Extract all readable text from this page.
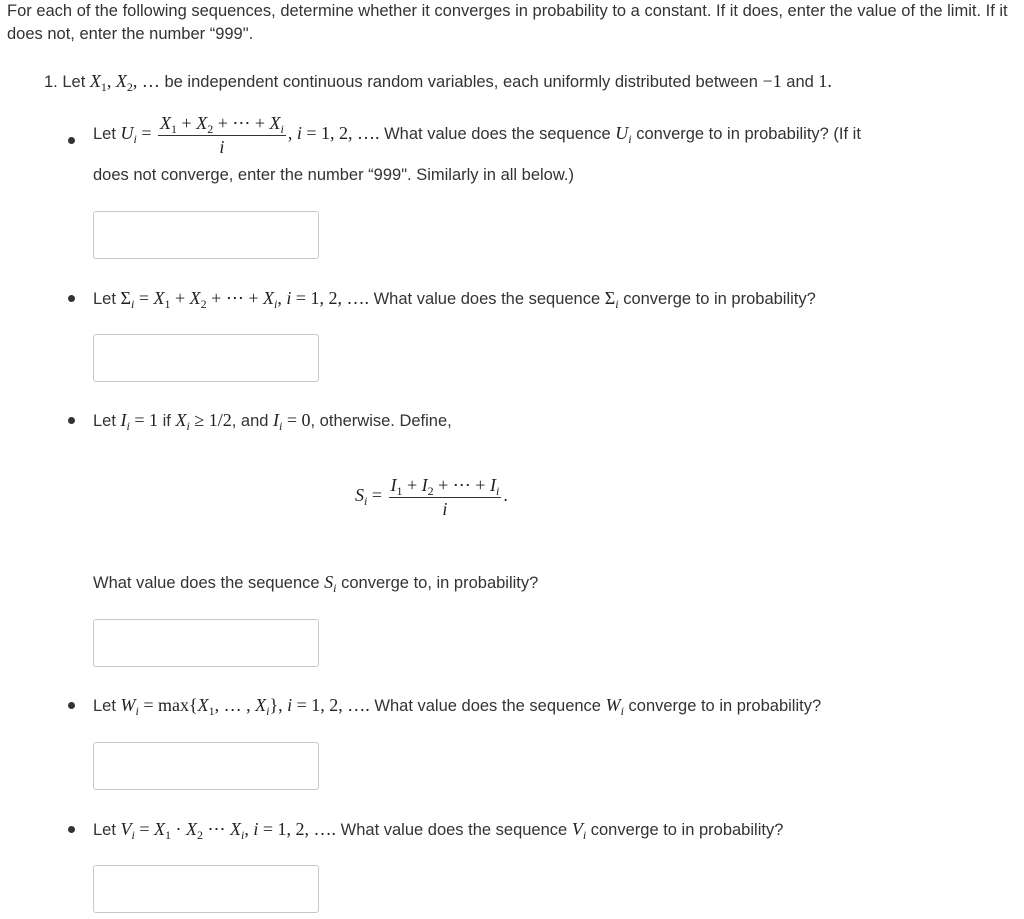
For each of the following sequences, determine whether it converges in probability to a constant. If it does, enter the value of the limit. If it does not, enter the number “999".
1. Let $X_1$, $X_2$, … be independent continuous random variables, each uniformly distributed between −1 and 1.
Let $U_i = \frac{X_1 + X_2 + \cdots + X_i}{i}$ , i = 1, 2, …. What value does the sequence $U_i$ converge to in probability? (If it
does not converge, enter the number “999". Similarly in all below.)
Let $\Sigma_i = X_1 + X_2$ + ⋯ + $X_i$, i = 1, 2, …. What value does the sequence $\Sigma_i$ converge to in probability?
Let $I_i = 1$ if $X_i \ge 1/2$, and $I_i = 0$, otherwise. Define,
$S_i = \frac{I_1 + I_2 + \cdots + I_i}{i}$ .
What value does the sequence $S_i$ converge to, in probability?
Let $W_i = \max\{X_1$, … , $X_i$}, i = 1, 2, …. What value does the sequence $W_i$ converge to in probability?
Let $V_i = X_1 \cdot X_2$ ⋯ $X_i$, i = 1, 2, …. What value does the sequence $V_i$ converge to in probability?
